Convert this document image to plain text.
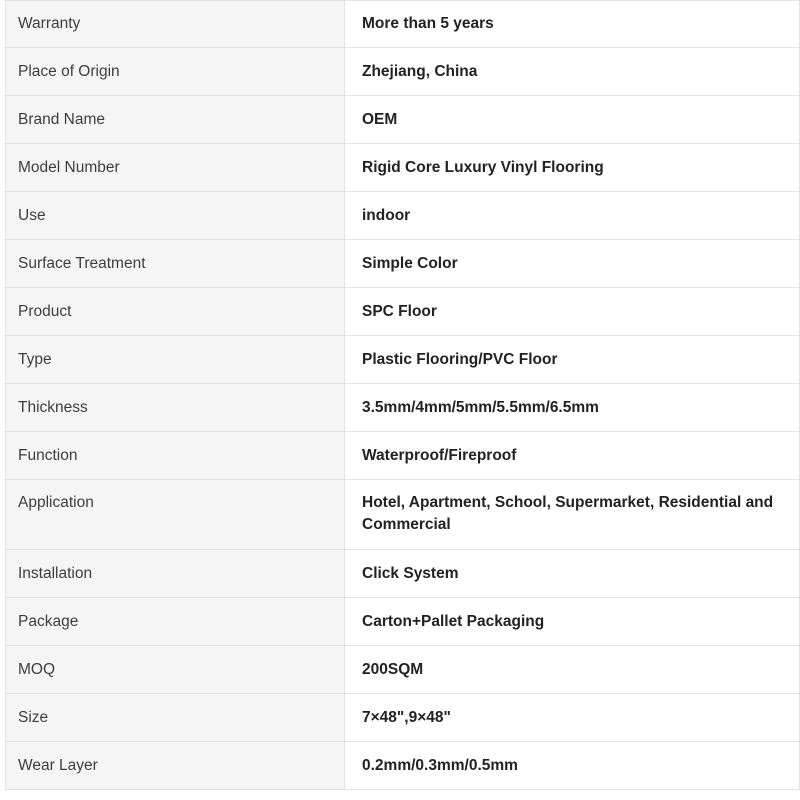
Warranty	More than 5 years
Place of Origin	Zhejiang, China
Brand Name	OEM
Model Number	Rigid Core Luxury Vinyl Flooring
Use	indoor
Surface Treatment	Simple Color
Product	SPC Floor
Type	Plastic Flooring/PVC Floor
Thickness	3.5mm/4mm/5mm/5.5mm/6.5mm
Function	Waterproof/Fireproof
Application	Hotel, Apartment, School, Supermarket, Residential and Commercial
Installation	Click System
Package	Carton+Pallet Packaging
MOQ	200SQM
Size	7×48",9×48"
Wear Layer	0.2mm/0.3mm/0.5mm
